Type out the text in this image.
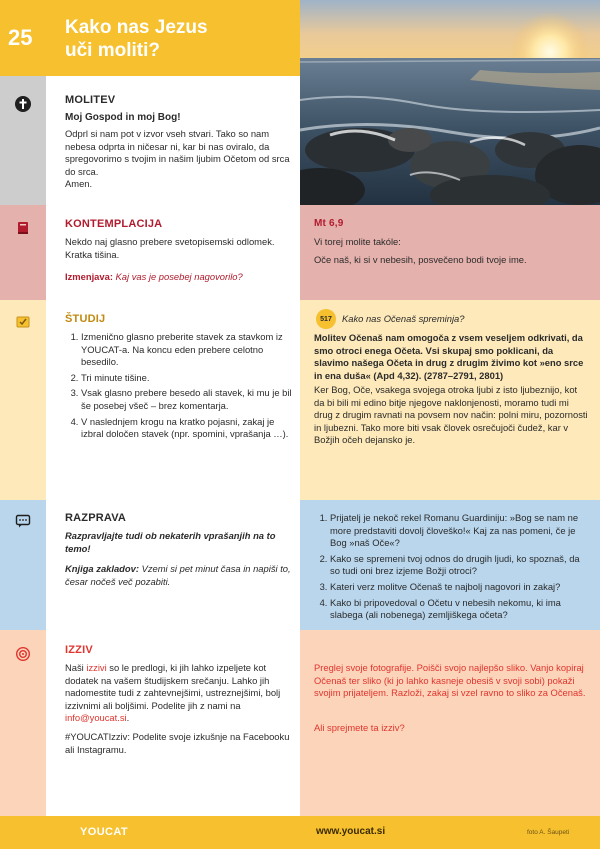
25 Kako nas Jezus
uči moliti?
MOLITEV
Moj Gospod in moj Bog!

Odprl si nam pot v izvor vseh stvari. Tako so nam nebesa odprta in ničesar ni, kar bi nas oviralo, da spregovorimo s tvojim in našim ljubim Očetom od srca do srca.

Amen.

KONTEMPLACIJA
Nekdo naj glasno prebere svetopisemski odlomek. Kratka tišina.
Izmenjava: Kaj vas je posebej nagovorilo?
Mt 6,9
Vi torej molite takóle:
Oče naš, ki si v nebesih, posvečeno bodi tvoje ime.
ŠTUDIJ
1. Izmenično glasno preberite stavek za stavkom iz YOUCAT-a. Na koncu eden prebere celotno besedilo.
2. Tri minute tišine.
3. Vsak glasno prebere besedo ali stavek, ki mu je bil še posebej všeč – brez komentarja.
4. V naslednjem krogu na kratko pojasni, zakaj je izbral določen stavek (npr. spomini, vprašanja …).
517 Kako nas Očenaš spreminja?
Molitev Očenaš nam omogoča z vsem veseljem odkrivati, da smo otroci enega Očeta. Vsi skupaj smo poklicani, da slavimo našega Očeta in drug z drugim živimo kot »eno srce in ena duša« (Apd 4,32). (2787–2791, 2801)
Ker Bog, Oče, vsakega svojega otroka ljubi z isto ljubeznijo, kot da bi bili mi edino bitje njegove naklonjenosti, moramo tudi mi drug z drugim ravnati na povsem nov način: polni miru, pozornosti in ljubezni. Tako more biti vsak človek osrečujoči čudež, kar v Božjih očeh dejansko je.
RAZPRAVA
Razpravljajte tudi ob nekaterih vprašanjih na to temo!
Knjiga zakladov: Vzemi si pet minut časa in napiši to, česar nočeš več pozabiti.
1. Prijatelj je nekoč rekel Romanu Guardiniju: »Bog se nam ne more predstaviti dovolj človeško!« Kaj za nas pomeni, če je Bog »naš Oče«?
2. Kako se spremeni tvoj odnos do drugih ljudi, ko spoznaš, da so tudi oni brez izjeme Božji otroci?
3. Kateri verz molitve Očenaš te najbolj nagovori in zakaj?
4. Kako bi pripovedoval o Očetu v nebesih nekomu, ki ima slabega (ali nobenega) zemljiškega očeta?
IZZIV
Naši izzivi so le predlogi, ki jih lahko izpeljete kot dodatek na vašem študijskem srečanju. Lahko jih nadomestite tudi z zahtevnejšimi, ustreznejšimi, bolj izzivnimi ali boljšimi. Podelite jih z nami na info@youcat.si.
#YOUCATIzziv: Podelite svoje izkušnje na Facebooku ali Instagramu.
Preglej svoje fotografije. Poišči svojo najlepšo sliko. Vanjo kopiraj Očenaš ter sliko (ki jo lahko kasneje obesiš v svoji sobi) pokaži svojim prijateljem. Razloži, zakaj si vzel ravno to sliko za Očenaš.
Ali sprejmete ta izziv?
YOUCAT	www.youcat.si	foto A. Šaupeti
